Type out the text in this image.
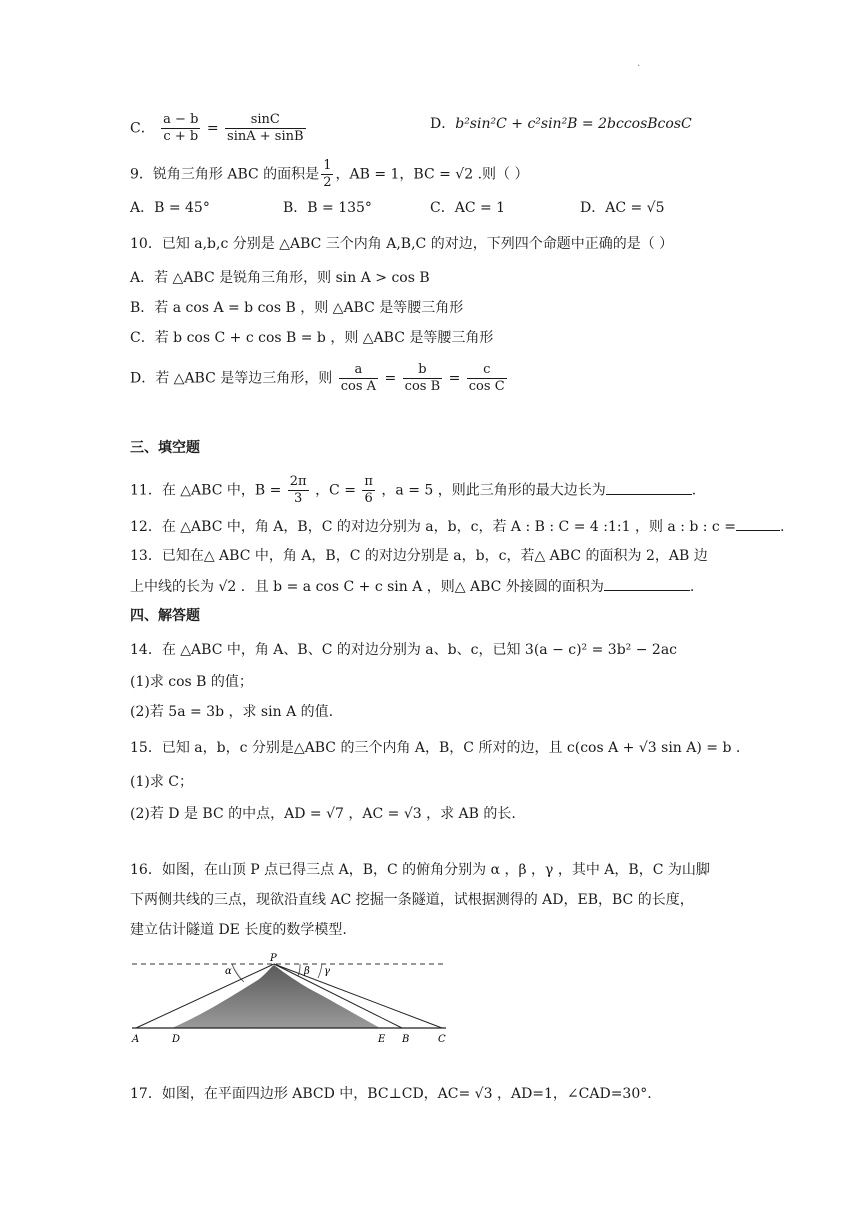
.
C． $\frac{a - b}{c + b} = \frac{\sin C}{\sin A + \sin B}$	D．b²sin²C + c²sin²B = 2bccosBcosC
9．锐角三角形 ABC 的面积是 $\frac{1}{2}$ ，AB = 1，BC = √2 .则（ ）
A．B = 45°	B．B = 135°	C．AC = 1	D．AC = √5
10．已知 a,b,c 分别是 △ABC 三个内角 A,B,C 的对边，下列四个命题中正确的是（ ）
A．若 △ABC 是锐角三角形，则 sin A > cos B
B．若 a cos A = b cos B ，则 △ABC 是等腰三角形
C．若 b cos C + c cos B = b ，则 △ABC 是等腰三角形
D．若 △ABC 是等边三角形，则 $\frac{a}{\text{cos A}} = \frac{b}{\text{cos B}} = \frac{c}{\text{cos C}}$
三、填空题
11．在 △ABC 中，$B = \frac{2\pi}{3}$ ，$C = \frac{\pi}{6}$ ，a = 5 ，则此三角形的最大边长为	.
12．在 △ABC 中，角 A，B，C 的对边分别为 a，b，c，若 A : B : C = 4 :1:1 ，则 a : b : c =	.
13．已知在△ ABC 中，角 A，B，C 的对边分别是 a，b，c，若△ ABC 的面积为 2，AB 边
上中线的长为 √2 ．且 b = a cos C + c sin A ，则△ ABC 外接圆的面积为	.
四、解答题
14．在 △ABC 中，角 A、B、C 的对边分别为 a、b、c，已知 3(a − c)² = 3b² − 2ac
(1)求 cos B 的值；
(2)若 5a = 3b ，求 sin A 的值.
15．已知 a，b，c 分别是△ABC 的三个内角 A，B，C 所对的边，且 c(cos A + √3 sin A) = b .
(1)求 C；
(2)若 D 是 BC 的中点，AD = √7 ，AC = √3 ，求 AB 的长.
16．如图，在山顶 P 点已得三点 A，B，C 的俯角分别为 α ，β ，γ ，其中 A，B，C 为山脚
下两侧共线的三点，现欲沿直线 AC 挖掘一条隧道，试根据测得的 AD，EB，BC 的长度，
建立估计隧道 DE 长度的数学模型.
P
α	β γ
A	D	E B	C
17．如图，在平面四边形 ABCD 中，BC⊥CD，AC= √3 ，AD=1，∠CAD=30°.
